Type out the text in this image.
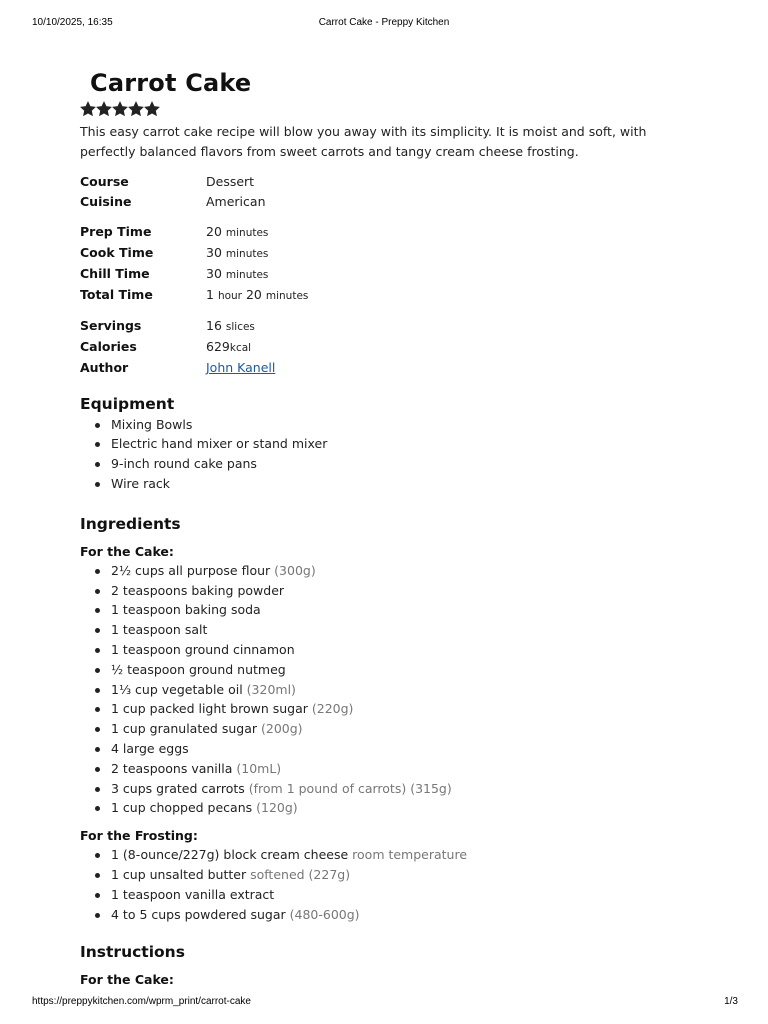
10/10/2025, 16:35	Carrot Cake - Preppy Kitchen
Carrot Cake

This easy carrot cake recipe will blow you away with its simplicity. It is moist and soft, with perfectly balanced flavors from sweet carrots and tangy cream cheese frosting.

Course	Dessert
Cuisine	American
Prep Time	20 minutes
Cook Time	30 minutes
Chill Time	30 minutes
Total Time	1 hour 20 minutes
Servings	16 slices
Calories	629kcal
Author	John Kanell
Equipment
Mixing Bowls
Electric hand mixer or stand mixer
9-inch round cake pans
Wire rack
Ingredients
For the Cake:
2½ cups all purpose flour (300g)
2 teaspoons baking powder
1 teaspoon baking soda
1 teaspoon salt
1 teaspoon ground cinnamon
½ teaspoon ground nutmeg
1⅓ cup vegetable oil (320ml)
1 cup packed light brown sugar (220g)
1 cup granulated sugar (200g)
4 large eggs
2 teaspoons vanilla (10mL)
3 cups grated carrots (from 1 pound of carrots) (315g)
1 cup chopped pecans (120g)
For the Frosting:
1 (8-ounce/227g) block cream cheese room temperature
1 cup unsalted butter softened (227g)
1 teaspoon vanilla extract
4 to 5 cups powdered sugar (480-600g)
Instructions
For the Cake:
https://preppykitchen.com/wprm_print/carrot-cake	1/3
